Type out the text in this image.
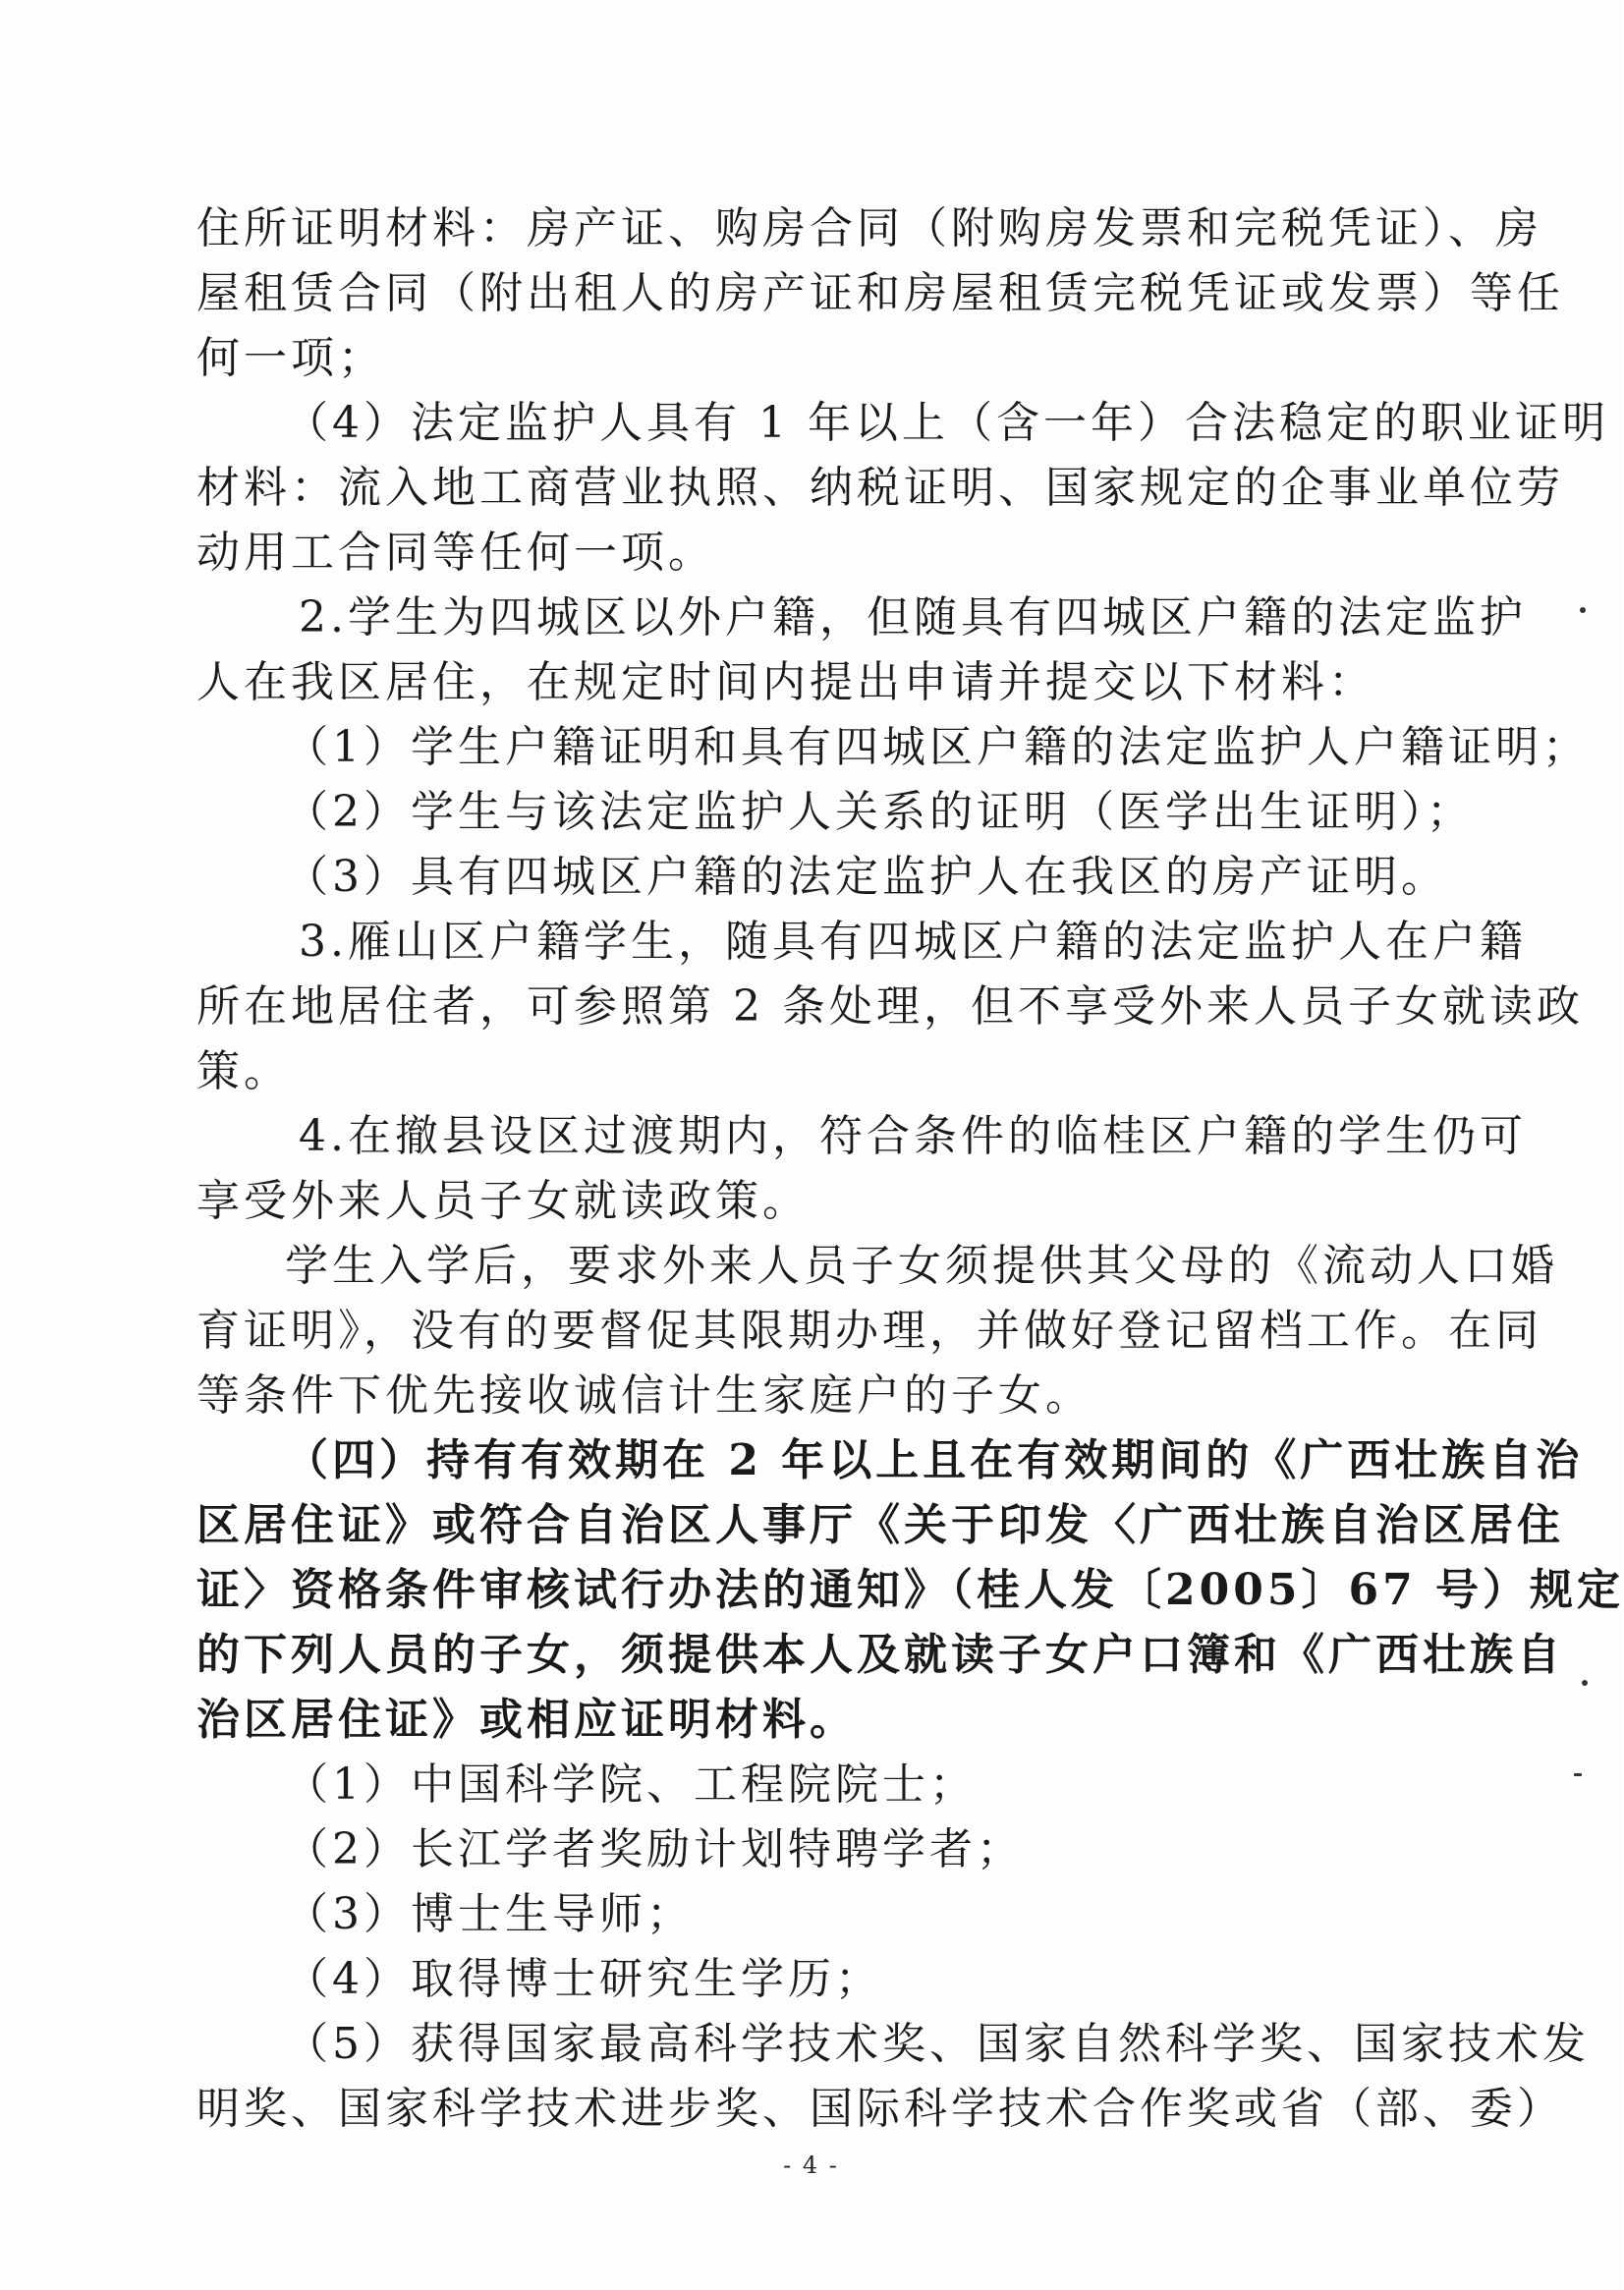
住所证明材料：房产证、购房合同（附购房发票和完税凭证）、房

屋租赁合同（附出租人的房产证和房屋租赁完税凭证或发票）等任

何一项；

（4）法定监护人具有 1 年以上（含一年）合法稳定的职业证明

材料：流入地工商营业执照、纳税证明、国家规定的企事业单位劳

动用工合同等任何一项。

2.学生为四城区以外户籍，但随具有四城区户籍的法定监护

人在我区居住，在规定时间内提出申请并提交以下材料：

（1）学生户籍证明和具有四城区户籍的法定监护人户籍证明；

（2）学生与该法定监护人关系的证明（医学出生证明）；

（3）具有四城区户籍的法定监护人在我区的房产证明。

3.雁山区户籍学生，随具有四城区户籍的法定监护人在户籍

所在地居住者，可参照第 2 条处理，但不享受外来人员子女就读政

策。

4.在撤县设区过渡期内，符合条件的临桂区户籍的学生仍可

享受外来人员子女就读政策。

学生入学后，要求外来人员子女须提供其父母的《流动人口婚

育证明》，没有的要督促其限期办理，并做好登记留档工作。在同

等条件下优先接收诚信计生家庭户的子女。

（四）持有有效期在 2 年以上且在有效期间的《广西壮族自治

区居住证》或符合自治区人事厅《关于印发〈广西壮族自治区居住

证〉资格条件审核试行办法的通知》（桂人发〔2005〕67 号）规定

的下列人员的子女，须提供本人及就读子女户口簿和《广西壮族自

治区居住证》或相应证明材料。

（1）中国科学院、工程院院士；

（2）长江学者奖励计划特聘学者；

（3）博士生导师；

（4）取得博士研究生学历；

（5）获得国家最高科学技术奖、国家自然科学奖、国家技术发

明奖、国家科学技术进步奖、国际科学技术合作奖或省（部、委）

- 4 -
